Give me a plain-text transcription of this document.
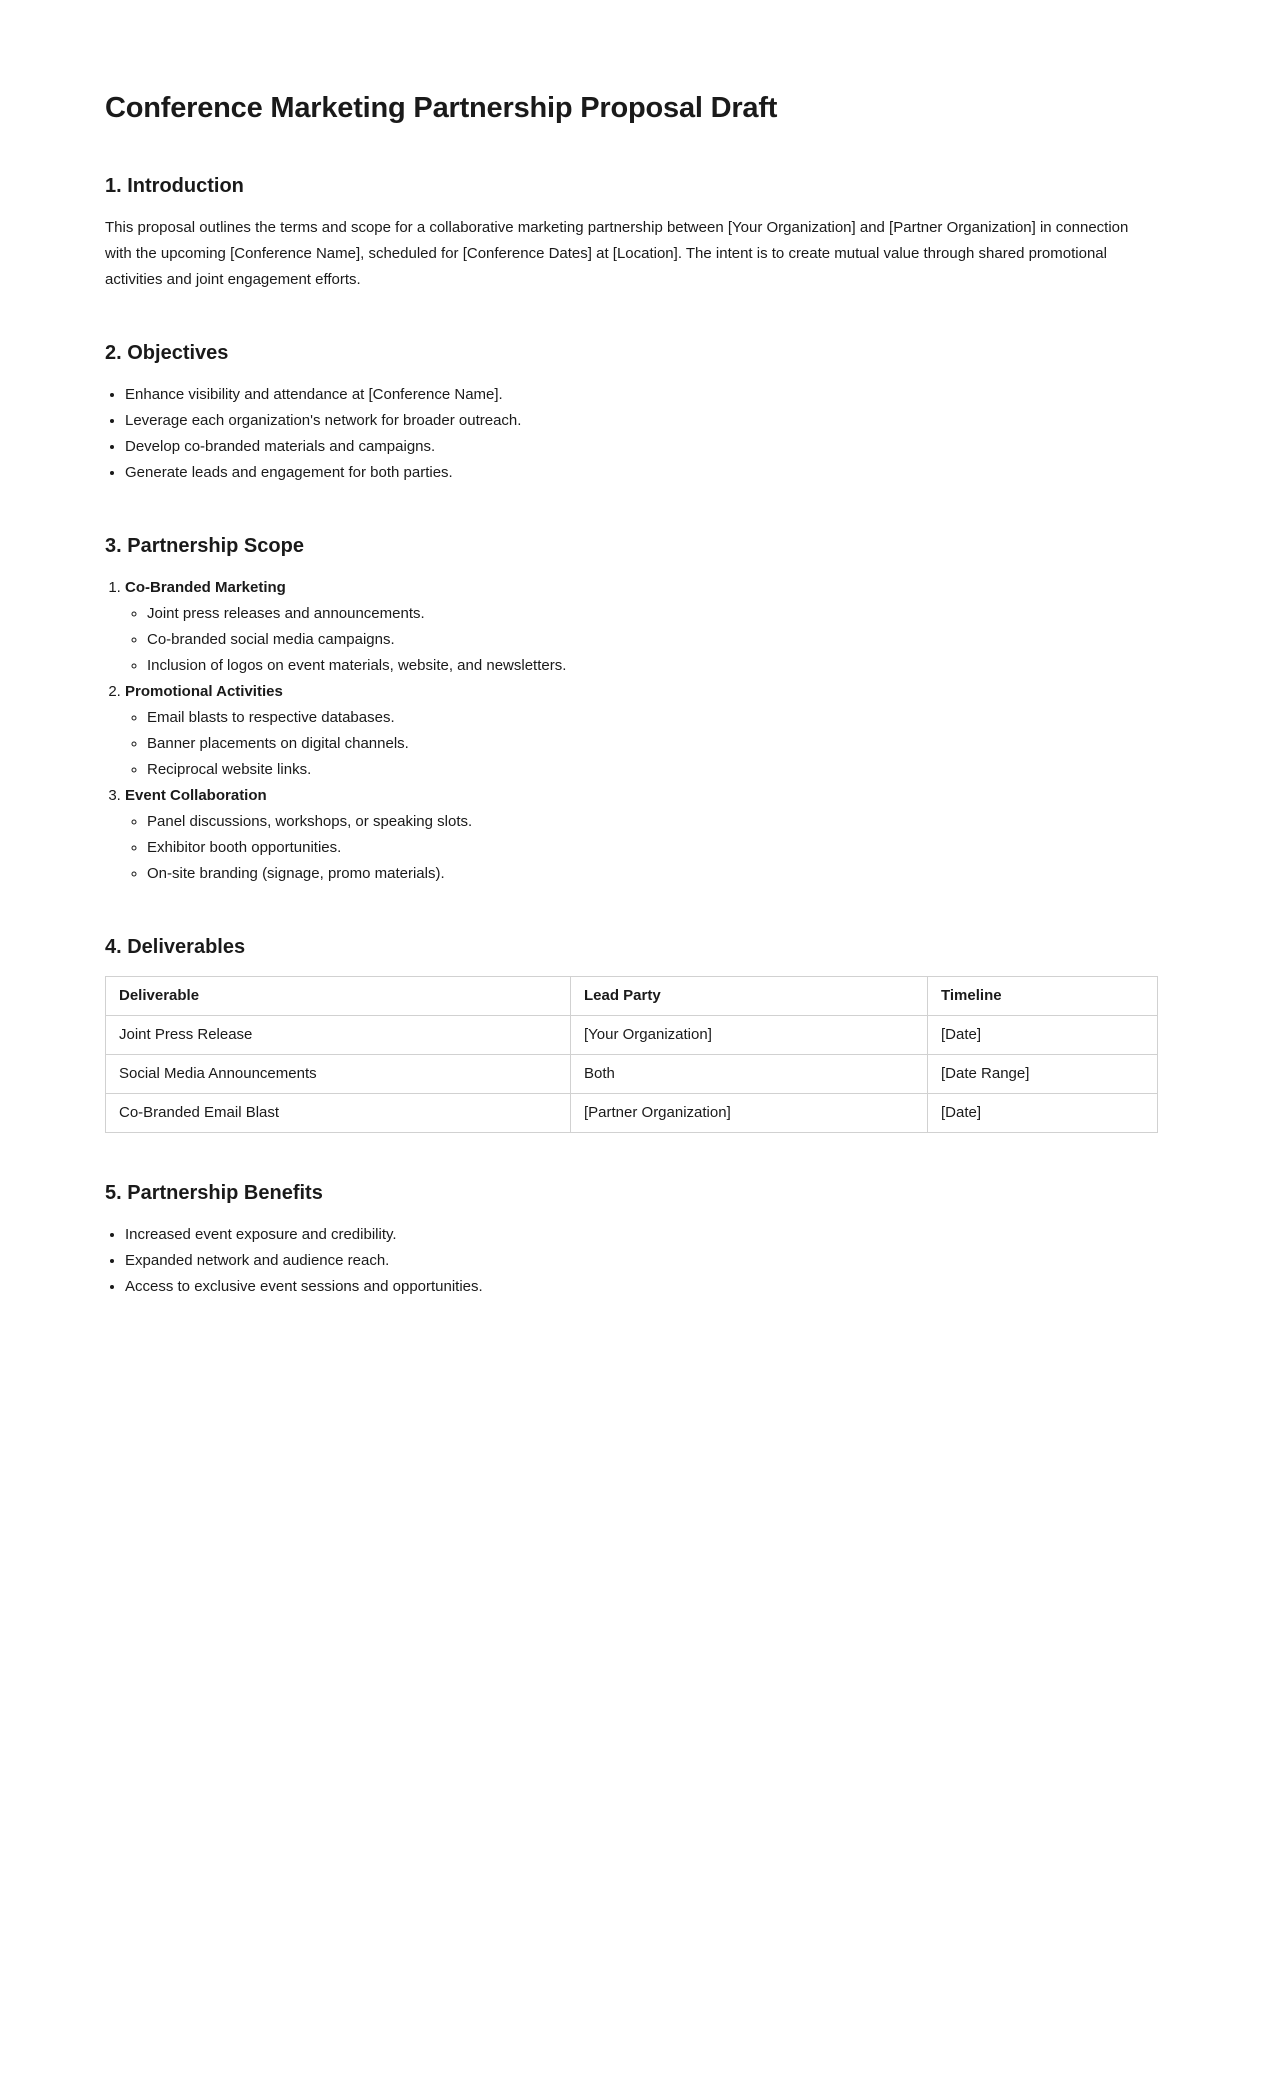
Conference Marketing Partnership Proposal Draft
1. Introduction

This proposal outlines the terms and scope for a collaborative marketing partnership between [Your Organization] and [Partner Organization] in connection with the upcoming [Conference Name], scheduled for [Conference Dates] at [Location]. The intent is to create mutual value through shared promotional activities and joint engagement efforts.

2. Objectives
• Enhance visibility and attendance at [Conference Name].
• Leverage each organization's network for broader outreach.
• Develop co-branded materials and campaigns.
• Generate leads and engagement for both parties.
3. Partnership Scope
1. Co-Branded Marketing
◦ Joint press releases and announcements.
◦ Co-branded social media campaigns.
◦ Inclusion of logos on event materials, website, and newsletters.
2. Promotional Activities
◦ Email blasts to respective databases.
◦ Banner placements on digital channels.
◦ Reciprocal website links.
3. Event Collaboration
◦ Panel discussions, workshops, or speaking slots.
◦ Exhibitor booth opportunities.
◦ On-site branding (signage, promo materials).
4. Deliverables
Deliverable	Lead Party	Timeline
Joint Press Release	[Your Organization]	[Date]
Social Media Announcements	Both	[Date Range]
Co-Branded Email Blast	[Partner Organization]	[Date]
5. Partnership Benefits
• Increased event exposure and credibility.
• Expanded network and audience reach.
• Access to exclusive event sessions and opportunities.
